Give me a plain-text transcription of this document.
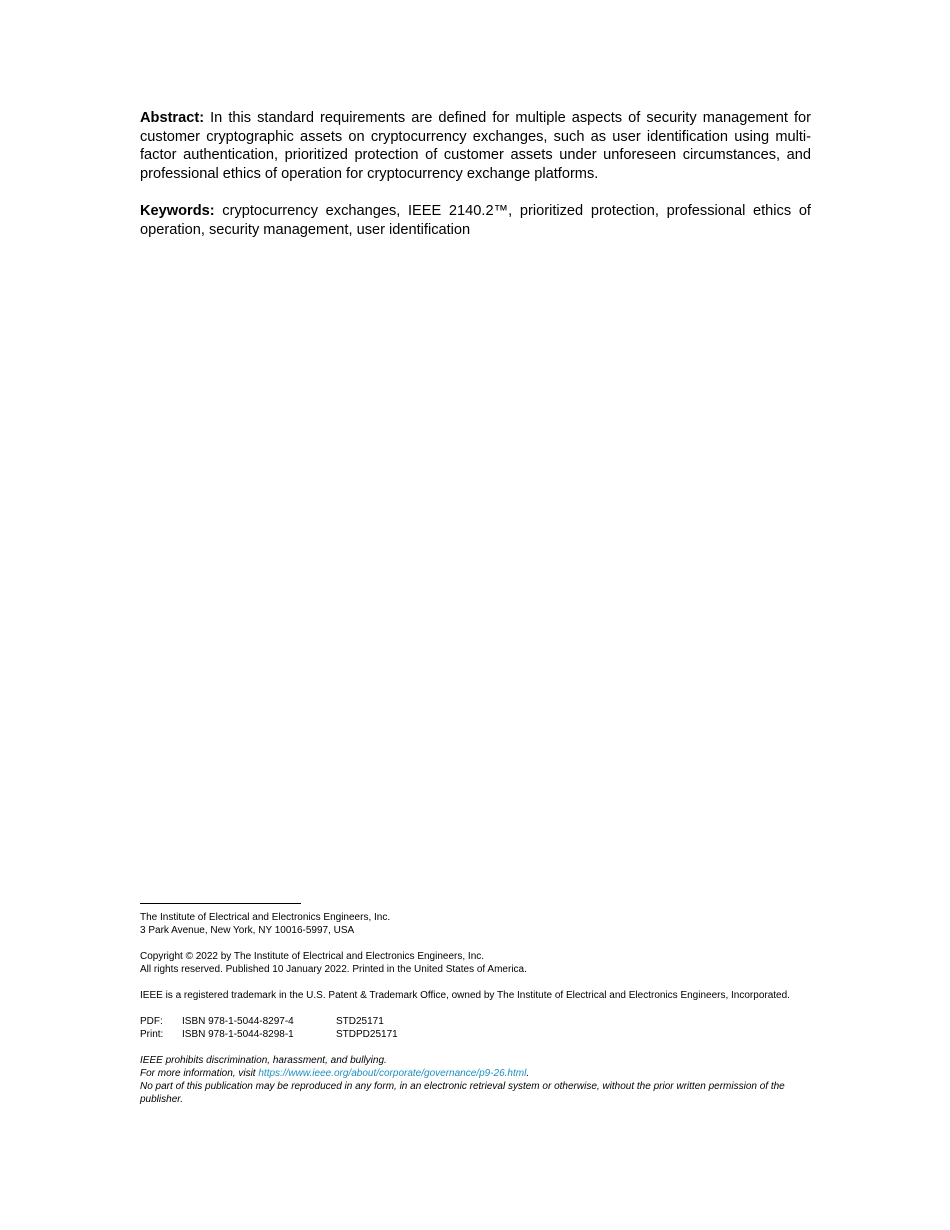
Abstract: In this standard requirements are defined for multiple aspects of security management for customer cryptographic assets on cryptocurrency exchanges, such as user identification using multi-factor authentication, prioritized protection of customer assets under unforeseen circumstances, and professional ethics of operation for cryptocurrency exchange platforms.

Keywords: cryptocurrency exchanges, IEEE 2140.2™, prioritized protection, professional ethics of operation, security management, user identification

The Institute of Electrical and Electronics Engineers, Inc.
3 Park Avenue, New York, NY 10016-5997, USA
Copyright © 2022 by The Institute of Electrical and Electronics Engineers, Inc.
All rights reserved. Published 10 January 2022. Printed in the United States of America.
IEEE is a registered trademark in the U.S. Patent & Trademark Office, owned by The Institute of Electrical and Electronics Engineers, Incorporated.
PDF:	ISBN 978-1-5044-8297-4	STD25171
Print:	ISBN 978-1-5044-8298-1	STDPD25171
IEEE prohibits discrimination, harassment, and bullying.
For more information, visit https://www.ieee.org/about/corporate/governance/p9-26.html.
No part of this publication may be reproduced in any form, in an electronic retrieval system or otherwise, without the prior written permission of the publisher.
